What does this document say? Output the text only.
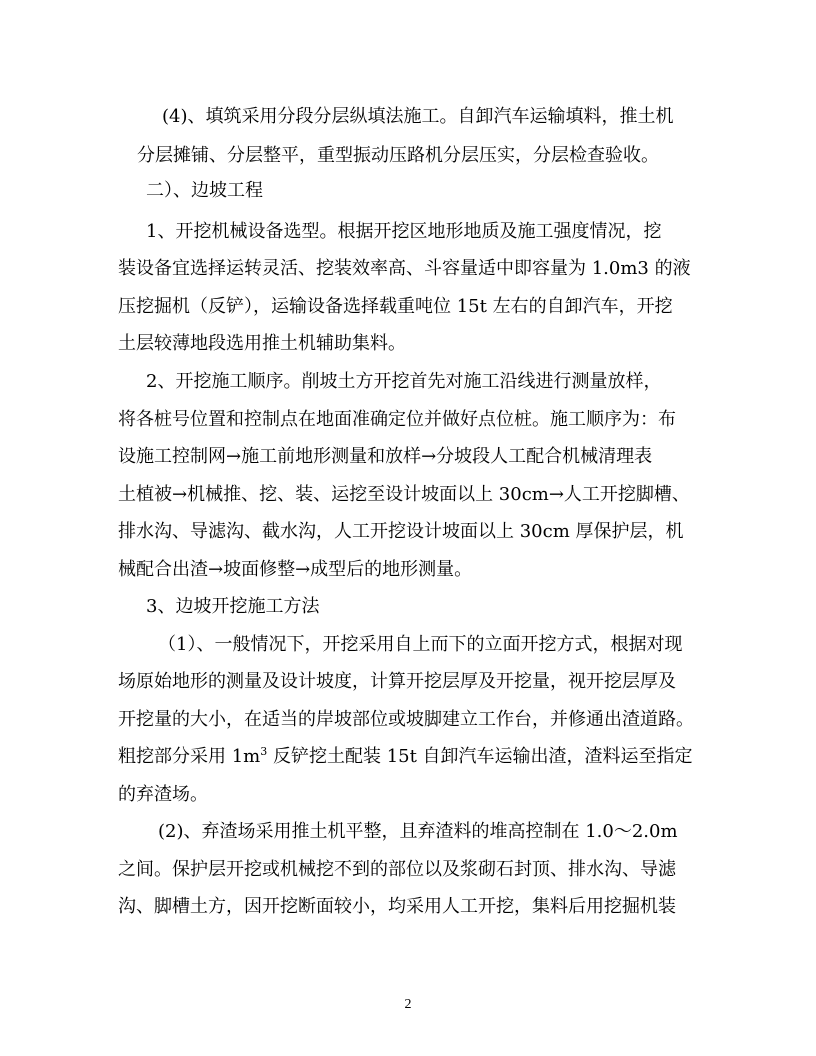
(4)、填筑采用分段分层纵填法施工。自卸汽车运输填料，推土机
分层摊铺、分层整平，重型振动压路机分层压实，分层检查验收。
二）、边坡工程
1、开挖机械设备选型。根据开挖区地形地质及施工强度情况，挖
装设备宜选择运转灵活、挖装效率高、斗容量适中即容量为 1.0m3 的液
压挖掘机（反铲），运输设备选择载重吨位 15t 左右的自卸汽车，开挖
土层较薄地段选用推土机辅助集料。
2、开挖施工顺序。削坡土方开挖首先对施工沿线进行测量放样，
将各桩号位置和控制点在地面准确定位并做好点位桩。施工顺序为：布
设施工控制网→施工前地形测量和放样→分坡段人工配合机械清理表
土植被→机械推、挖、装、运挖至设计坡面以上 30cm→人工开挖脚槽、
排水沟、导滤沟、截水沟，人工开挖设计坡面以上 30cm 厚保护层，机
械配合出渣→坡面修整→成型后的地形测量。
3、边坡开挖施工方法
（1）、一般情况下，开挖采用自上而下的立面开挖方式，根据对现
场原始地形的测量及设计坡度，计算开挖层厚及开挖量，视开挖层厚及
开挖量的大小，在适当的岸坡部位或坡脚建立工作台，并修通出渣道路。
粗挖部分采用 $1m^3$ 反铲挖土配装 15t 自卸汽车运输出渣，渣料运至指定
的弃渣场。
(2)、弃渣场采用推土机平整，且弃渣料的堆高控制在 1.0～2.0m
之间。保护层开挖或机械挖不到的部位以及浆砌石封顶、排水沟、导滤
沟、脚槽土方，因开挖断面较小，均采用人工开挖，集料后用挖掘机装
2
